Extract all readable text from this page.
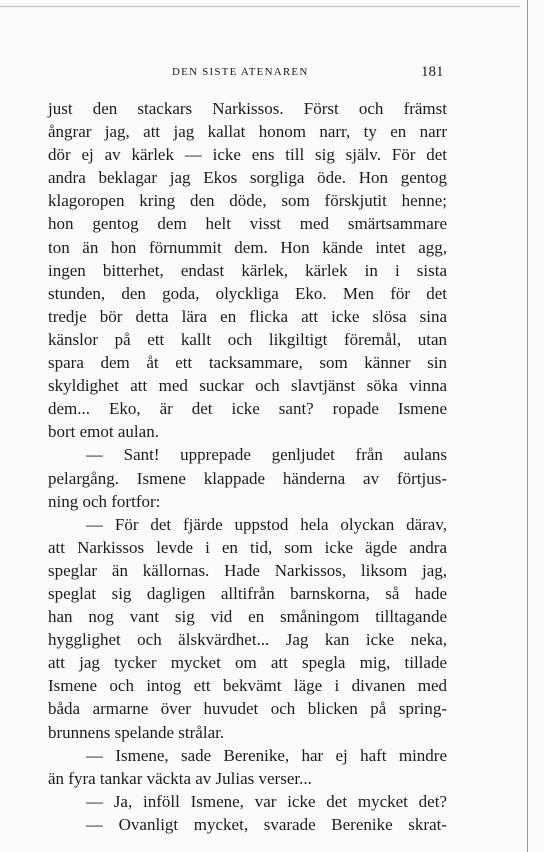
DEN SISTE ATENAREN	181
just den stackars Narkissos. Först och främst
ångrar jag, att jag kallat honom narr, ty en narr
dör ej av kärlek — icke ens till sig själv. För det
andra beklagar jag Ekos sorgliga öde. Hon gentog
klagoropen kring den döde, som förskjutit henne;
hon gentog dem helt visst med smärtsammare
ton än hon förnummit dem. Hon kände intet agg,
ingen bitterhet, endast kärlek, kärlek in i sista
stunden, den goda, olyckliga Eko. Men för det
tredje bör detta lära en flicka att icke slösa sina
känslor på ett kallt och likgiltigt föremål, utan
spara dem åt ett tacksammare, som känner sin
skyldighet att med suckar och slavtjänst söka vinna
dem... Eko, är det icke sant? ropade Ismene
bort emot aulan.
— Sant! upprepade genljudet från aulans
pelargång. Ismene klappade händerna av förtjus-
ning och fortfor:
— För det fjärde uppstod hela olyckan därav,
att Narkissos levde i en tid, som icke ägde andra
speglar än källornas. Hade Narkissos, liksom jag,
speglat sig dagligen alltifrån barnskorna, så hade
han nog vant sig vid en småningom tilltagande
hygglighet och älskvärdhet... Jag kan icke neka,
att jag tycker mycket om att spegla mig, tillade
Ismene och intog ett bekvämt läge i divanen med
båda armarne över huvudet och blicken på spring-
brunnens spelande strålar.
— Ismene, sade Berenike, har ej haft mindre
än fyra tankar väckta av Julias verser...
— Ja, inföll Ismene, var icke det mycket det?
— Ovanligt mycket, svarade Berenike skrat-
